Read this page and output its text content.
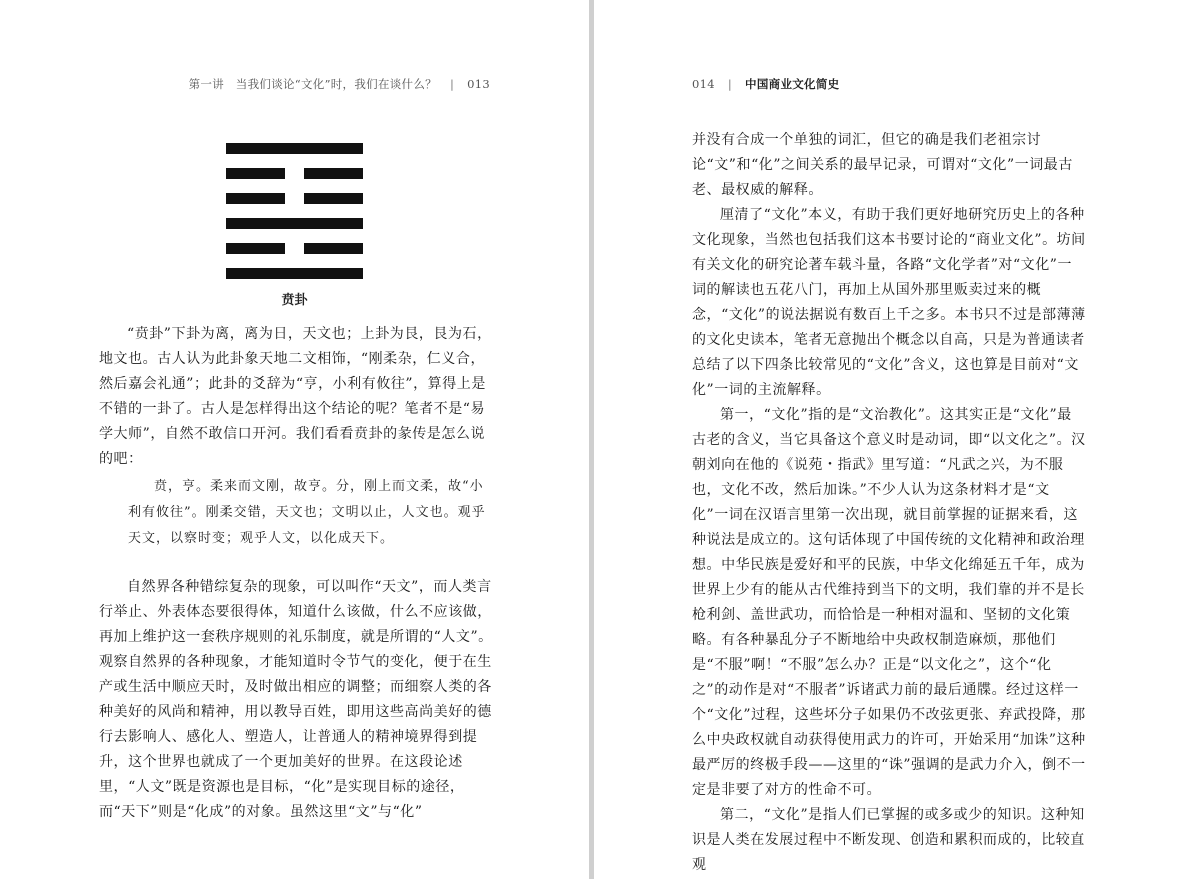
第一讲　当我们谈论“文化”时，我们在谈什么？ | 013
贲卦

“贲卦”下卦为离，离为日，天文也；上卦为艮，艮为石，地文也。古人认为此卦象天地二文相饰，“刚柔杂，仁义合，然后嘉会礼通”；此卦的爻辞为“亨，小利有攸往”，算得上是不错的一卦了。古人是怎样得出这个结论的呢？笔者不是“易学大师”，自然不敢信口开河。我们看看贲卦的彖传是怎么说的吧：

贲，亨。柔来而文刚，故亨。分，刚上而文柔，故“小利有攸往”。刚柔交错，天文也；文明以止，人文也。观乎天文，以察时变；观乎人文，以化成天下。

自然界各种错综复杂的现象，可以叫作“天文”，而人类言行举止、外表体态要很得体，知道什么该做，什么不应该做，再加上维护这一套秩序规则的礼乐制度，就是所谓的“人文”。观察自然界的各种现象，才能知道时令节气的变化，便于在生产或生活中顺应天时，及时做出相应的调整；而细察人类的各种美好的风尚和精神，用以教导百姓，即用这些高尚美好的德行去影响人、感化人、塑造人，让普通人的精神境界得到提升，这个世界也就成了一个更加美好的世界。在这段论述里，“人文”既是资源也是目标，“化”是实现目标的途径，而“天下”则是“化成”的对象。虽然这里“文”与“化”

014 | 中国商业文化简史

并没有合成一个单独的词汇，但它的确是我们老祖宗讨论“文”和“化”之间关系的最早记录，可谓对“文化”一词最古老、最权威的解释。

厘清了“文化”本义，有助于我们更好地研究历史上的各种文化现象，当然也包括我们这本书要讨论的“商业文化”。坊间有关文化的研究论著车载斗量，各路“文化学者”对“文化”一词的解读也五花八门，再加上从国外那里贩卖过来的概念，“文化”的说法据说有数百上千之多。本书只不过是部薄薄的文化史读本，笔者无意抛出个概念以自高，只是为普通读者总结了以下四条比较常见的“文化”含义，这也算是目前对“文化”一词的主流解释。

第一，“文化”指的是“文治教化”。这其实正是“文化”最古老的含义，当它具备这个意义时是动词，即“以文化之”。汉朝刘向在他的《说苑・指武》里写道：“凡武之兴，为不服也，文化不改，然后加诛。”不少人认为这条材料才是“文化”一词在汉语言里第一次出现，就目前掌握的证据来看，这种说法是成立的。这句话体现了中国传统的文化精神和政治理想。中华民族是爱好和平的民族，中华文化绵延五千年，成为世界上少有的能从古代维持到当下的文明，我们靠的并不是长枪利剑、盖世武功，而恰恰是一种相对温和、坚韧的文化策略。有各种暴乱分子不断地给中央政权制造麻烦，那他们是“不服”啊！“不服”怎么办？正是“以文化之”，这个“化之”的动作是对“不服者”诉诸武力前的最后通牒。经过这样一个“文化”过程，这些坏分子如果仍不改弦更张、弃武投降，那么中央政权就自动获得使用武力的许可，开始采用“加诛”这种最严厉的终极手段——这里的“诛”强调的是武力介入，倒不一定是非要了对方的性命不可。

第二，“文化”是指人们已掌握的或多或少的知识。这种知识是人类在发展过程中不断发现、创造和累积而成的，比较直观
